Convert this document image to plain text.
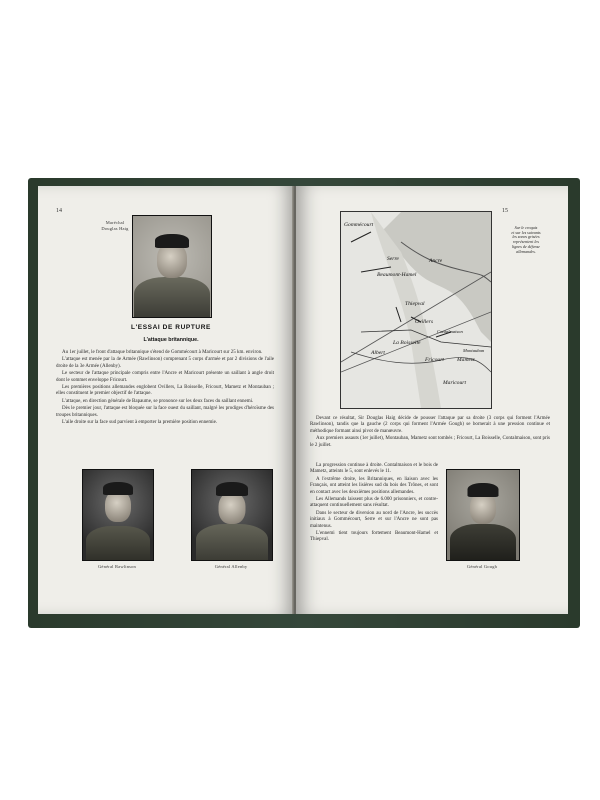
14
Maréchal
Douglas Haig
L'ESSAI DE RUPTURE
L'attaque britannique.

Au 1er juillet, le front d'attaque britannique s'étend de Gommécourt à Maricourt sur 25 km. environ.

L'attaque est menée par la 4e Armée (Rawlinson) comprenant 5 corps d'armée et par 2 divisions de l'aile droite de la 3e Armée (Allenby).

Le secteur de l'attaque principale compris entre l'Ancre et Maricourt présente un saillant à angle droit dont le sommet enveloppe Fricourt.

Les premières positions allemandes englobent Ovillers, La Boisselle, Fricourt, Mametz et Montauban ; elles constituent le premier objectif de l'attaque.

L'attaque, en direction générale de Bapaume, se prononce sur les deux faces du saillant ennemi.

Dès le premier jour, l'attaque est bloquée sur la face ouest du saillant, malgré les prodiges d'héroïsme des troupes britanniques.

L'aile droite sur la face sud parvient à emporter la première position ennemie.

Général Rawlinson	Général Allenby
15
Gommécourt
Serre	Ancre
Beaumont-Hamel
Thiepval
Ovillers
Contalmaison
La Boisselle
Albert	Montauban
Fricourt Mametz
Maricourt
Sur le croquis
et sur les suivants
les zones grisées
représentent les
lignes de défense
allemandes.

Devant ce résultat, Sir Douglas Haig décide de pousser l'attaque par sa droite (3 corps qui forment l'Armée Rawlinson), tandis que la gauche (2 corps qui forment l'Armée Gough) se bornerait à une pression continue et méthodique formant ainsi pivot de manœuvre.

Aux premiers assauts (1er juillet), Montauban, Mametz sont tombés ; Fricourt, La Boisselle, Contalmaison, sont pris le 2 juillet.

La progression continue à droite. Contalmaison et le bois de Mametz, atteints le 5, sont enlevés le 11.

A l'extrême droite, les Britanniques, en liaison avec les Français, ont atteint les lisières sud du bois des Trônes, et sont en contact avec les deuxièmes positions allemandes.

Les Allemands laissent plus de 6.000 prisonniers, et contre-attaquent continuellement sans résultat.

Dans le secteur de diversion au nord de l'Ancre, les succès initiaux à Gommécourt, Serre et sur l'Ancre ne sont pas maintenus.

L'ennemi tient toujours fortement Beaumont-Hamel et Thiepval.

Général Gough
